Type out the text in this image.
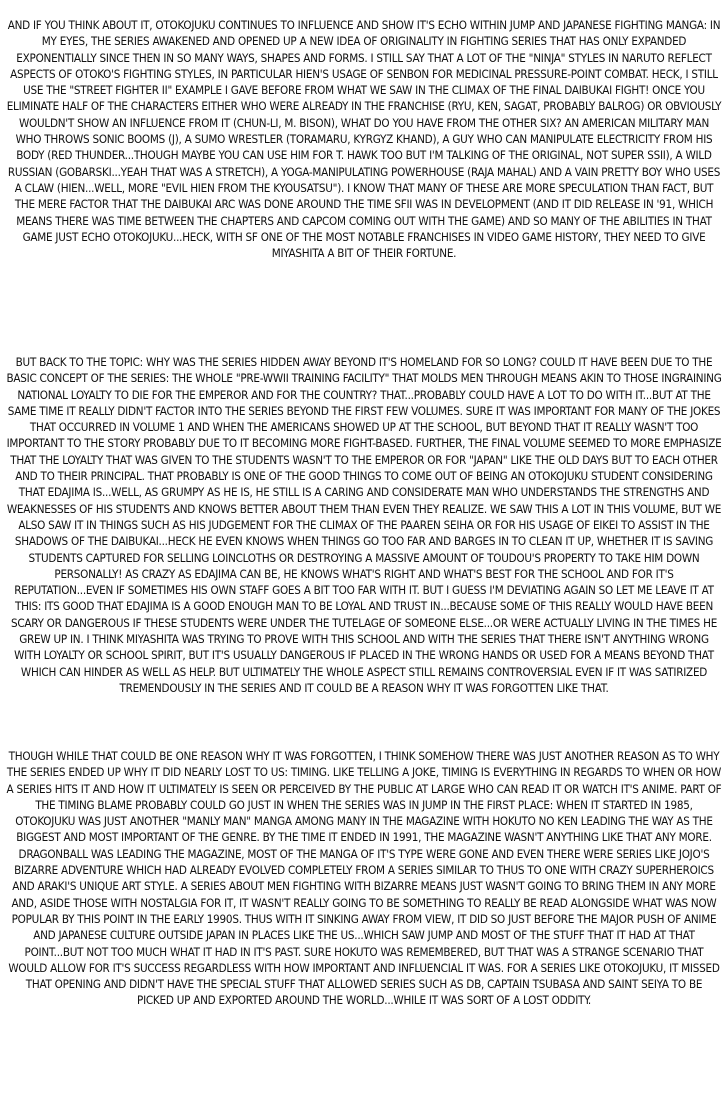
AND IF YOU THINK ABOUT IT, OTOKOJUKU CONTINUES TO INFLUENCE AND SHOW IT'S ECHO WITHIN JUMP AND JAPANESE FIGHTING MANGA: IN MY EYES, THE SERIES AWAKENED AND OPENED UP A NEW IDEA OF ORIGINALITY IN FIGHTING SERIES THAT HAS ONLY EXPANDED EXPONENTIALLY SINCE THEN IN SO MANY WAYS, SHAPES AND FORMS. I STILL SAY THAT A LOT OF THE "NINJA" STYLES IN NARUTO REFLECT ASPECTS OF OTOKO'S FIGHTING STYLES, IN PARTICULAR HIEN'S USAGE OF SENBON FOR MEDICINAL PRESSURE-POINT COMBAT. HECK, I STILL USE THE "STREET FIGHTER II" EXAMPLE I GAVE BEFORE FROM WHAT WE SAW IN THE CLIMAX OF THE FINAL DAIBUKAI FIGHT! ONCE YOU ELIMINATE HALF OF THE CHARACTERS EITHER WHO WERE ALREADY IN THE FRANCHISE (RYU, KEN, SAGAT, PROBABLY BALROG) OR OBVIOUSLY WOULDN'T SHOW AN INFLUENCE FROM IT (CHUN-LI, M. BISON), WHAT DO YOU HAVE FROM THE OTHER SIX? AN AMERICAN MILITARY MAN WHO THROWS SONIC BOOMS (J), A SUMO WRESTLER (TORAMARU, KYRGYZ KHAND), A GUY WHO CAN MANIPULATE ELECTRICITY FROM HIS BODY (RED THUNDER...THOUGH MAYBE YOU CAN USE HIM FOR T. HAWK TOO BUT I'M TALKING OF THE ORIGINAL, NOT SUPER SSII), A WILD RUSSIAN (GOBARSKI...YEAH THAT WAS A STRETCH), A YOGA-MANIPULATING POWERHOUSE (RAJA MAHAL) AND A VAIN PRETTY BOY WHO USES A CLAW (HIEN...WELL, MORE "EVIL HIEN FROM THE KYOUSATSU"). I KNOW THAT MANY OF THESE ARE MORE SPECULATION THAN FACT, BUT THE MERE FACTOR THAT THE DAIBUKAI ARC WAS DONE AROUND THE TIME SFII WAS IN DEVELOPMENT (AND IT DID RELEASE IN '91, WHICH MEANS THERE WAS TIME BETWEEN THE CHAPTERS AND CAPCOM COMING OUT WITH THE GAME) AND SO MANY OF THE ABILITIES IN THAT GAME JUST ECHO OTOKOJUKU...HECK, WITH SF ONE OF THE MOST NOTABLE FRANCHISES IN VIDEO GAME HISTORY, THEY NEED TO GIVE MIYASHITA A BIT OF THEIR FORTUNE.

BUT BACK TO THE TOPIC: WHY WAS THE SERIES HIDDEN AWAY BEYOND IT'S HOMELAND FOR SO LONG? COULD IT HAVE BEEN DUE TO THE BASIC CONCEPT OF THE SERIES: THE WHOLE "PRE-WWII TRAINING FACILITY" THAT MOLDS MEN THROUGH MEANS AKIN TO THOSE INGRAINING NATIONAL LOYALTY TO DIE FOR THE EMPEROR AND FOR THE COUNTRY? THAT...PROBABLY COULD HAVE A LOT TO DO WITH IT...BUT AT THE SAME TIME IT REALLY DIDN'T FACTOR INTO THE SERIES BEYOND THE FIRST FEW VOLUMES. SURE IT WAS IMPORTANT FOR MANY OF THE JOKES THAT OCCURRED IN VOLUME 1 AND WHEN THE AMERICANS SHOWED UP AT THE SCHOOL, BUT BEYOND THAT IT REALLY WASN'T TOO IMPORTANT TO THE STORY PROBABLY DUE TO IT BECOMING MORE FIGHT-BASED. FURTHER, THE FINAL VOLUME SEEMED TO MORE EMPHASIZE THAT THE LOYALTY THAT WAS GIVEN TO THE STUDENTS WASN'T TO THE EMPEROR OR FOR "JAPAN" LIKE THE OLD DAYS BUT TO EACH OTHER AND TO THEIR PRINCIPAL. THAT PROBABLY IS ONE OF THE GOOD THINGS TO COME OUT OF BEING AN OTOKOJUKU STUDENT CONSIDERING THAT EDAJIMA IS...WELL, AS GRUMPY AS HE IS, HE STILL IS A CARING AND CONSIDERATE MAN WHO UNDERSTANDS THE STRENGTHS AND WEAKNESSES OF HIS STUDENTS AND KNOWS BETTER ABOUT THEM THAN EVEN THEY REALIZE. WE SAW THIS A LOT IN THIS VOLUME, BUT WE ALSO SAW IT IN THINGS SUCH AS HIS JUDGEMENT FOR THE CLIMAX OF THE PAAREN SEIHA OR FOR HIS USAGE OF EIKEI TO ASSIST IN THE SHADOWS OF THE DAIBUKAI...HECK HE EVEN KNOWS WHEN THINGS GO TOO FAR AND BARGES IN TO CLEAN IT UP, WHETHER IT IS SAVING STUDENTS CAPTURED FOR SELLING LOINCLOTHS OR DESTROYING A MASSIVE AMOUNT OF TOUDOU'S PROPERTY TO TAKE HIM DOWN PERSONALLY! AS CRAZY AS EDAJIMA CAN BE, HE KNOWS WHAT'S RIGHT AND WHAT'S BEST FOR THE SCHOOL AND FOR IT'S REPUTATION...EVEN IF SOMETIMES HIS OWN STAFF GOES A BIT TOO FAR WITH IT. BUT I GUESS I'M DEVIATING AGAIN SO LET ME LEAVE IT AT THIS: ITS GOOD THAT EDAJIMA IS A GOOD ENOUGH MAN TO BE LOYAL AND TRUST IN...BECAUSE SOME OF THIS REALLY WOULD HAVE BEEN SCARY OR DANGEROUS IF THESE STUDENTS WERE UNDER THE TUTELAGE OF SOMEONE ELSE...OR WERE ACTUALLY LIVING IN THE TIMES HE GREW UP IN. I THINK MIYASHITA WAS TRYING TO PROVE WITH THIS SCHOOL AND WITH THE SERIES THAT THERE ISN'T ANYTHING WRONG WITH LOYALTY OR SCHOOL SPIRIT, BUT IT'S USUALLY DANGEROUS IF PLACED IN THE WRONG HANDS OR USED FOR A MEANS BEYOND THAT WHICH CAN HINDER AS WELL AS HELP. BUT ULTIMATELY THE WHOLE ASPECT STILL REMAINS CONTROVERSIAL EVEN IF IT WAS SATIRIZED TREMENDOUSLY IN THE SERIES AND IT COULD BE A REASON WHY IT WAS FORGOTTEN LIKE THAT.

THOUGH WHILE THAT COULD BE ONE REASON WHY IT WAS FORGOTTEN, I THINK SOMEHOW THERE WAS JUST ANOTHER REASON AS TO WHY THE SERIES ENDED UP WHY IT DID NEARLY LOST TO US: TIMING. LIKE TELLING A JOKE, TIMING IS EVERYTHING IN REGARDS TO WHEN OR HOW A SERIES HITS IT AND HOW IT ULTIMATELY IS SEEN OR PERCEIVED BY THE PUBLIC AT LARGE WHO CAN READ IT OR WATCH IT'S ANIME. PART OF THE TIMING BLAME PROBABLY COULD GO JUST IN WHEN THE SERIES WAS IN JUMP IN THE FIRST PLACE: WHEN IT STARTED IN 1985, OTOKOJUKU WAS JUST ANOTHER "MANLY MAN" MANGA AMONG MANY IN THE MAGAZINE WITH HOKUTO NO KEN LEADING THE WAY AS THE BIGGEST AND MOST IMPORTANT OF THE GENRE. BY THE TIME IT ENDED IN 1991, THE MAGAZINE WASN'T ANYTHING LIKE THAT ANY MORE. DRAGONBALL WAS LEADING THE MAGAZINE, MOST OF THE MANGA OF IT'S TYPE WERE GONE AND EVEN THERE WERE SERIES LIKE JOJO'S BIZARRE ADVENTURE WHICH HAD ALREADY EVOLVED COMPLETELY FROM A SERIES SIMILAR TO THUS TO ONE WITH CRAZY SUPERHEROICS AND ARAKI'S UNIQUE ART STYLE. A SERIES ABOUT MEN FIGHTING WITH BIZARRE MEANS JUST WASN'T GOING TO BRING THEM IN ANY MORE AND, ASIDE THOSE WITH NOSTALGIA FOR IT, IT WASN'T REALLY GOING TO BE SOMETHING TO REALLY BE READ ALONGSIDE WHAT WAS NOW POPULAR BY THIS POINT IN THE EARLY 1990S. THUS WITH IT SINKING AWAY FROM VIEW, IT DID SO JUST BEFORE THE MAJOR PUSH OF ANIME AND JAPANESE CULTURE OUTSIDE JAPAN IN PLACES LIKE THE US...WHICH SAW JUMP AND MOST OF THE STUFF THAT IT HAD AT THAT POINT...BUT NOT TOO MUCH WHAT IT HAD IN IT'S PAST. SURE HOKUTO WAS REMEMBERED, BUT THAT WAS A STRANGE SCENARIO THAT WOULD ALLOW FOR IT'S SUCCESS REGARDLESS WITH HOW IMPORTANT AND INFLUENCIAL IT WAS. FOR A SERIES LIKE OTOKOJUKU, IT MISSED THAT OPENING AND DIDN'T HAVE THE SPECIAL STUFF THAT ALLOWED SERIES SUCH AS DB, CAPTAIN TSUBASA AND SAINT SEIYA TO BE PICKED UP AND EXPORTED AROUND THE WORLD...WHILE IT WAS SORT OF A LOST ODDITY.
